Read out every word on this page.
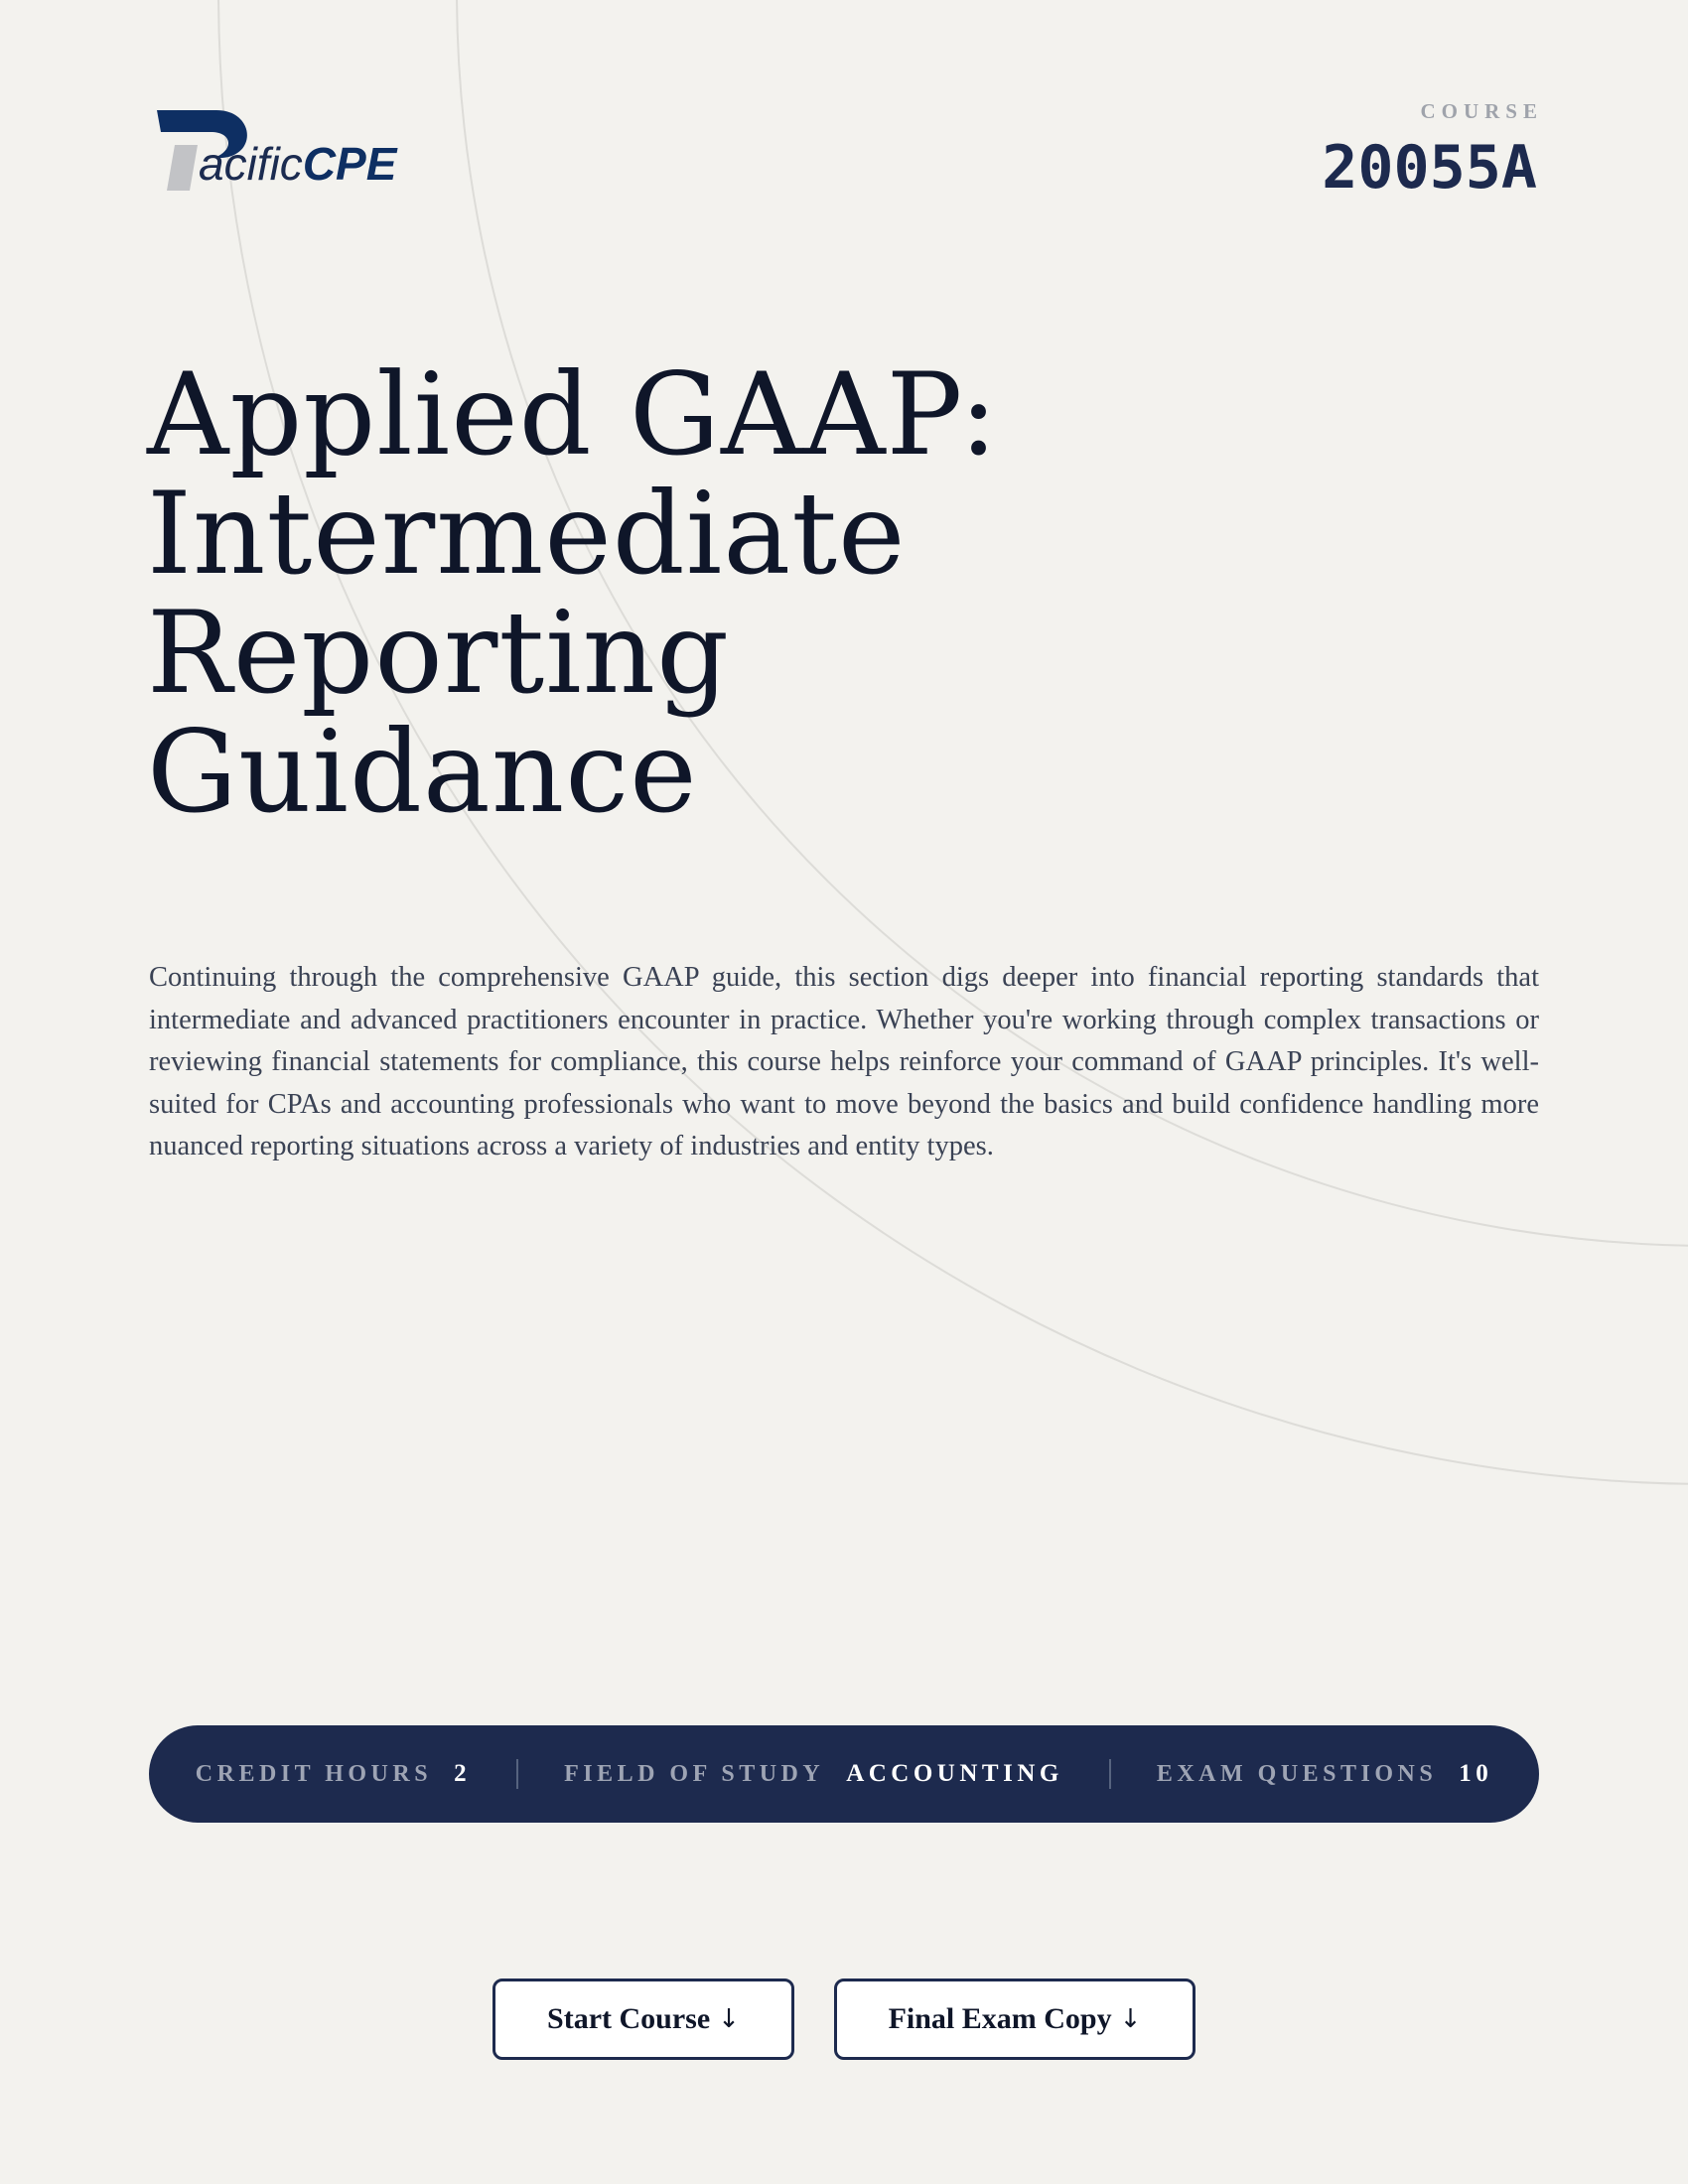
acificCPE
COURSE
20055A
Applied GAAP: Intermediate Reporting Guidance

Continuing through the comprehensive GAAP guide, this section digs deeper into financial reporting standards that intermediate and advanced practitioners encounter in practice. Whether you're working through complex transactions or reviewing financial statements for compliance, this course helps reinforce your command of GAAP principles. It's well-suited for CPAs and accounting professionals who want to move beyond the basics and build confidence handling more nuanced reporting situations across a variety of industries and entity types.

CREDIT HOURS 2	FIELD OF STUDY ACCOUNTING	EXAM QUESTIONS 10
Start Course ↓	Final Exam Copy ↓
